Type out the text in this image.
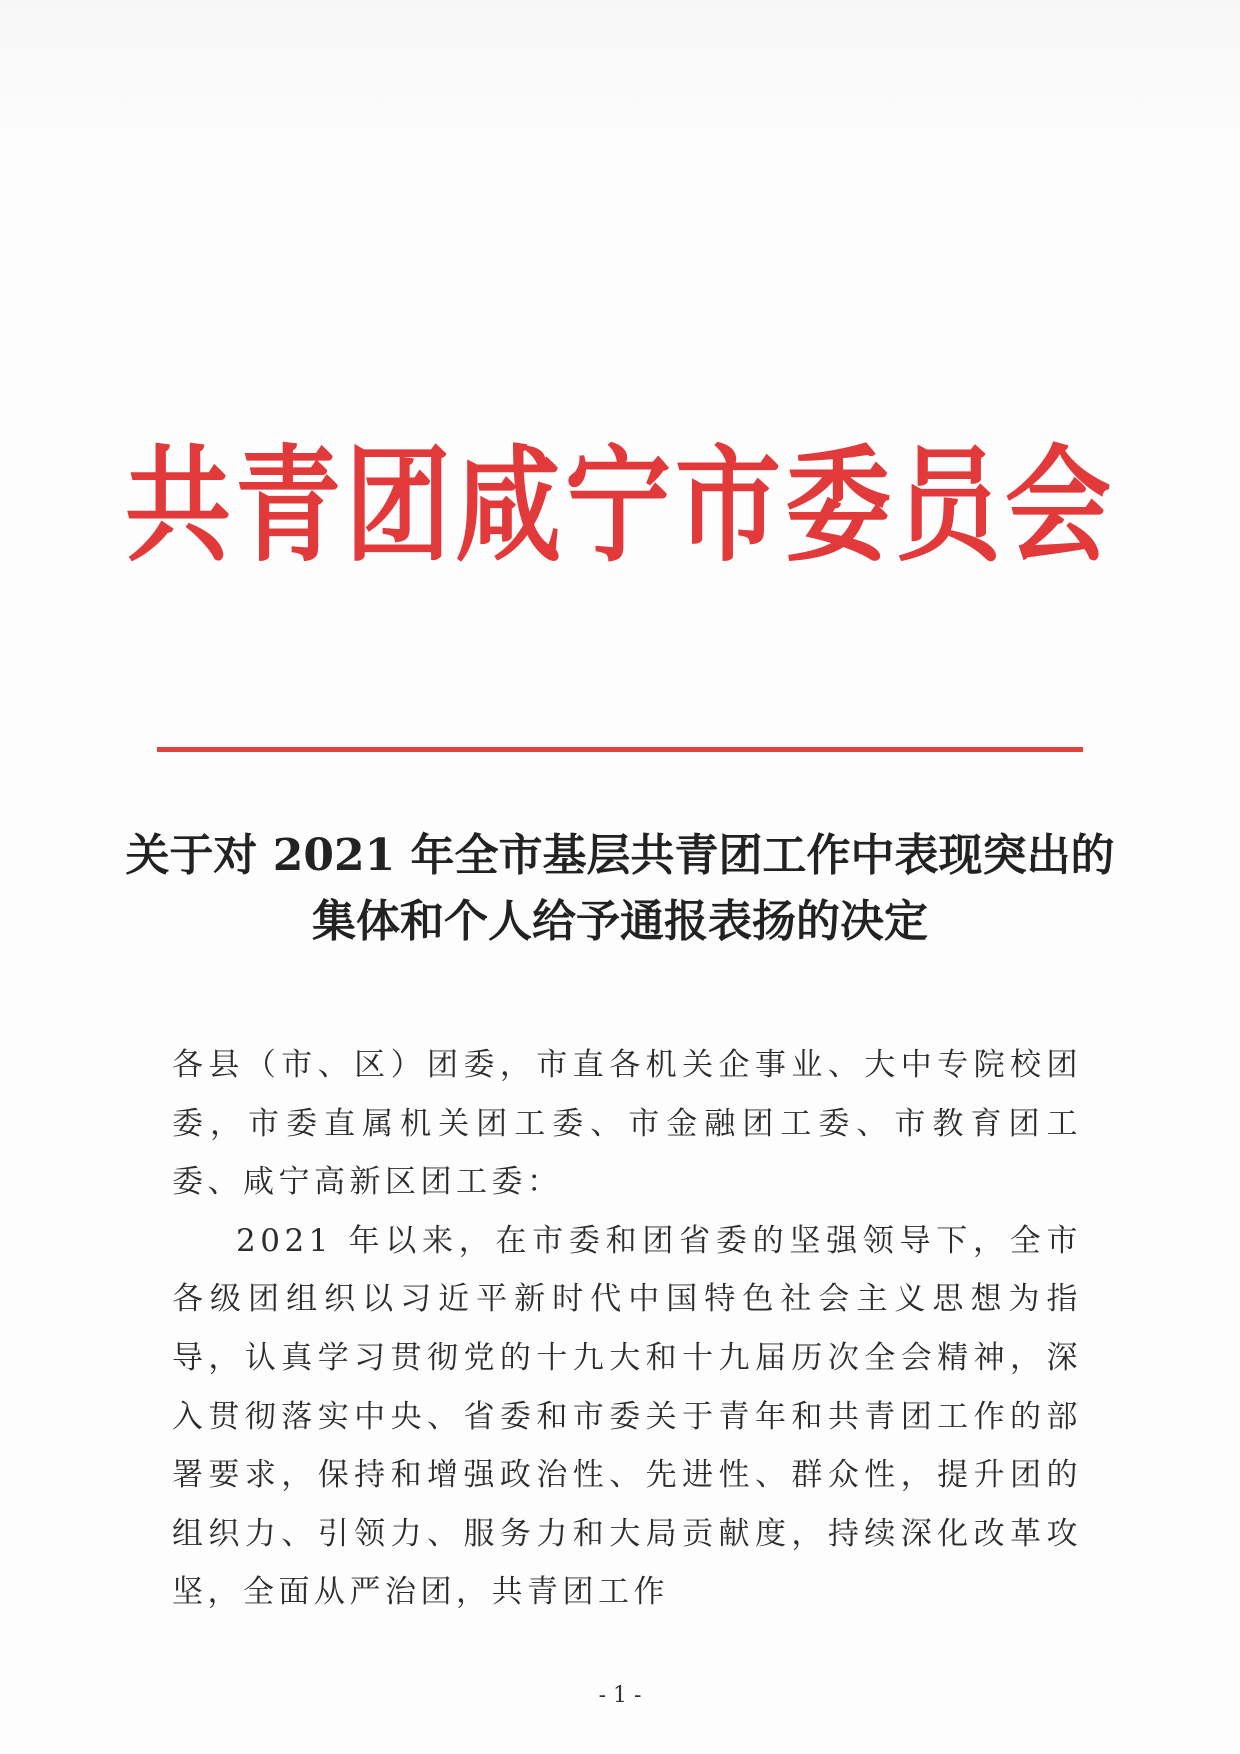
共青团咸宁市委员会
关于对 2021 年全市基层共青团工作中表现突出的
集体和个人给予通报表扬的决定
各县（市、区）团委，市直各机关企事业、大中专院校团委，市委直属机关团工委、市金融团工委、市教育团工委、咸宁高新区团工委：
2021 年以来，在市委和团省委的坚强领导下，全市各级团组织以习近平新时代中国特色社会主义思想为指导，认真学习贯彻党的十九大和十九届历次全会精神，深入贯彻落实中央、省委和市委关于青年和共青团工作的部署要求，保持和增强政治性、先进性、群众性，提升团的组织力、引领力、服务力和大局贡献度，持续深化改革攻坚，全面从严治团，共青团工作
- 1 -
